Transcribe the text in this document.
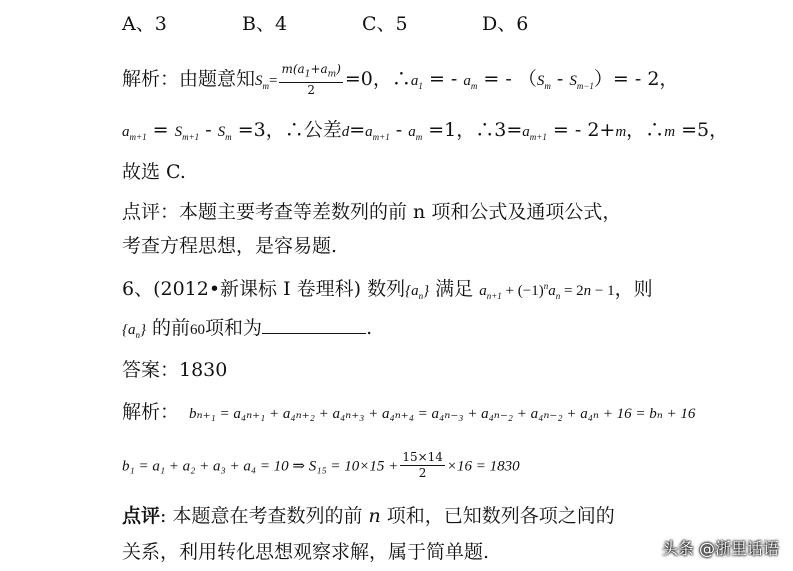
A、3	B、4	C、5	D、6
解析：由题意知$S_m= \frac{m(a_1+a_m)}{2} =0$，$\therefore a_1$ = - $a_m$ = - $(S_m - S_{m-1})= - 2$，
$a_{m+1} = S_{m+1} - S_m =3$，∴公差$d=a_{m+1} - a_m =1$，$\therefore 3=a_{m+1}$ = - 2+m，∴m =5，
故选 C.
点评：本题主要考查等差数列的前 n 项和公式及通项公式，
考查方程思想，是容易题.
6、(2012•新课标 I 卷理科) 数列$\{a_n\}$ 满足 $a_{n+1} + (-1)^na_n = 2n - 1$，则
$\{a_n\}$ 的前60项和为	.
答案：1830
解析： bₙ₊₁ = a₄ₙ₊₁ + a₄ₙ₊₂ + a₄ₙ₊₃ + a₄ₙ₊₄ = a₄ₙ₋₃ + a₄ₙ₋₂ + a₄ₙ₋₂ + a₄ₙ + 16 = bₙ + 16
b₁ = a₁ + a₂ + a₃ + a₄ = 10 ⇒ $S_{15} = 10\times 15 + \frac{15\times 14}{2} \times 16 = 1830$
点评: 本题意在考查数列的前 n 项和，已知数列各项之间的
关系，利用转化思想观察求解，属于简单题.	头条 @浙里话语
